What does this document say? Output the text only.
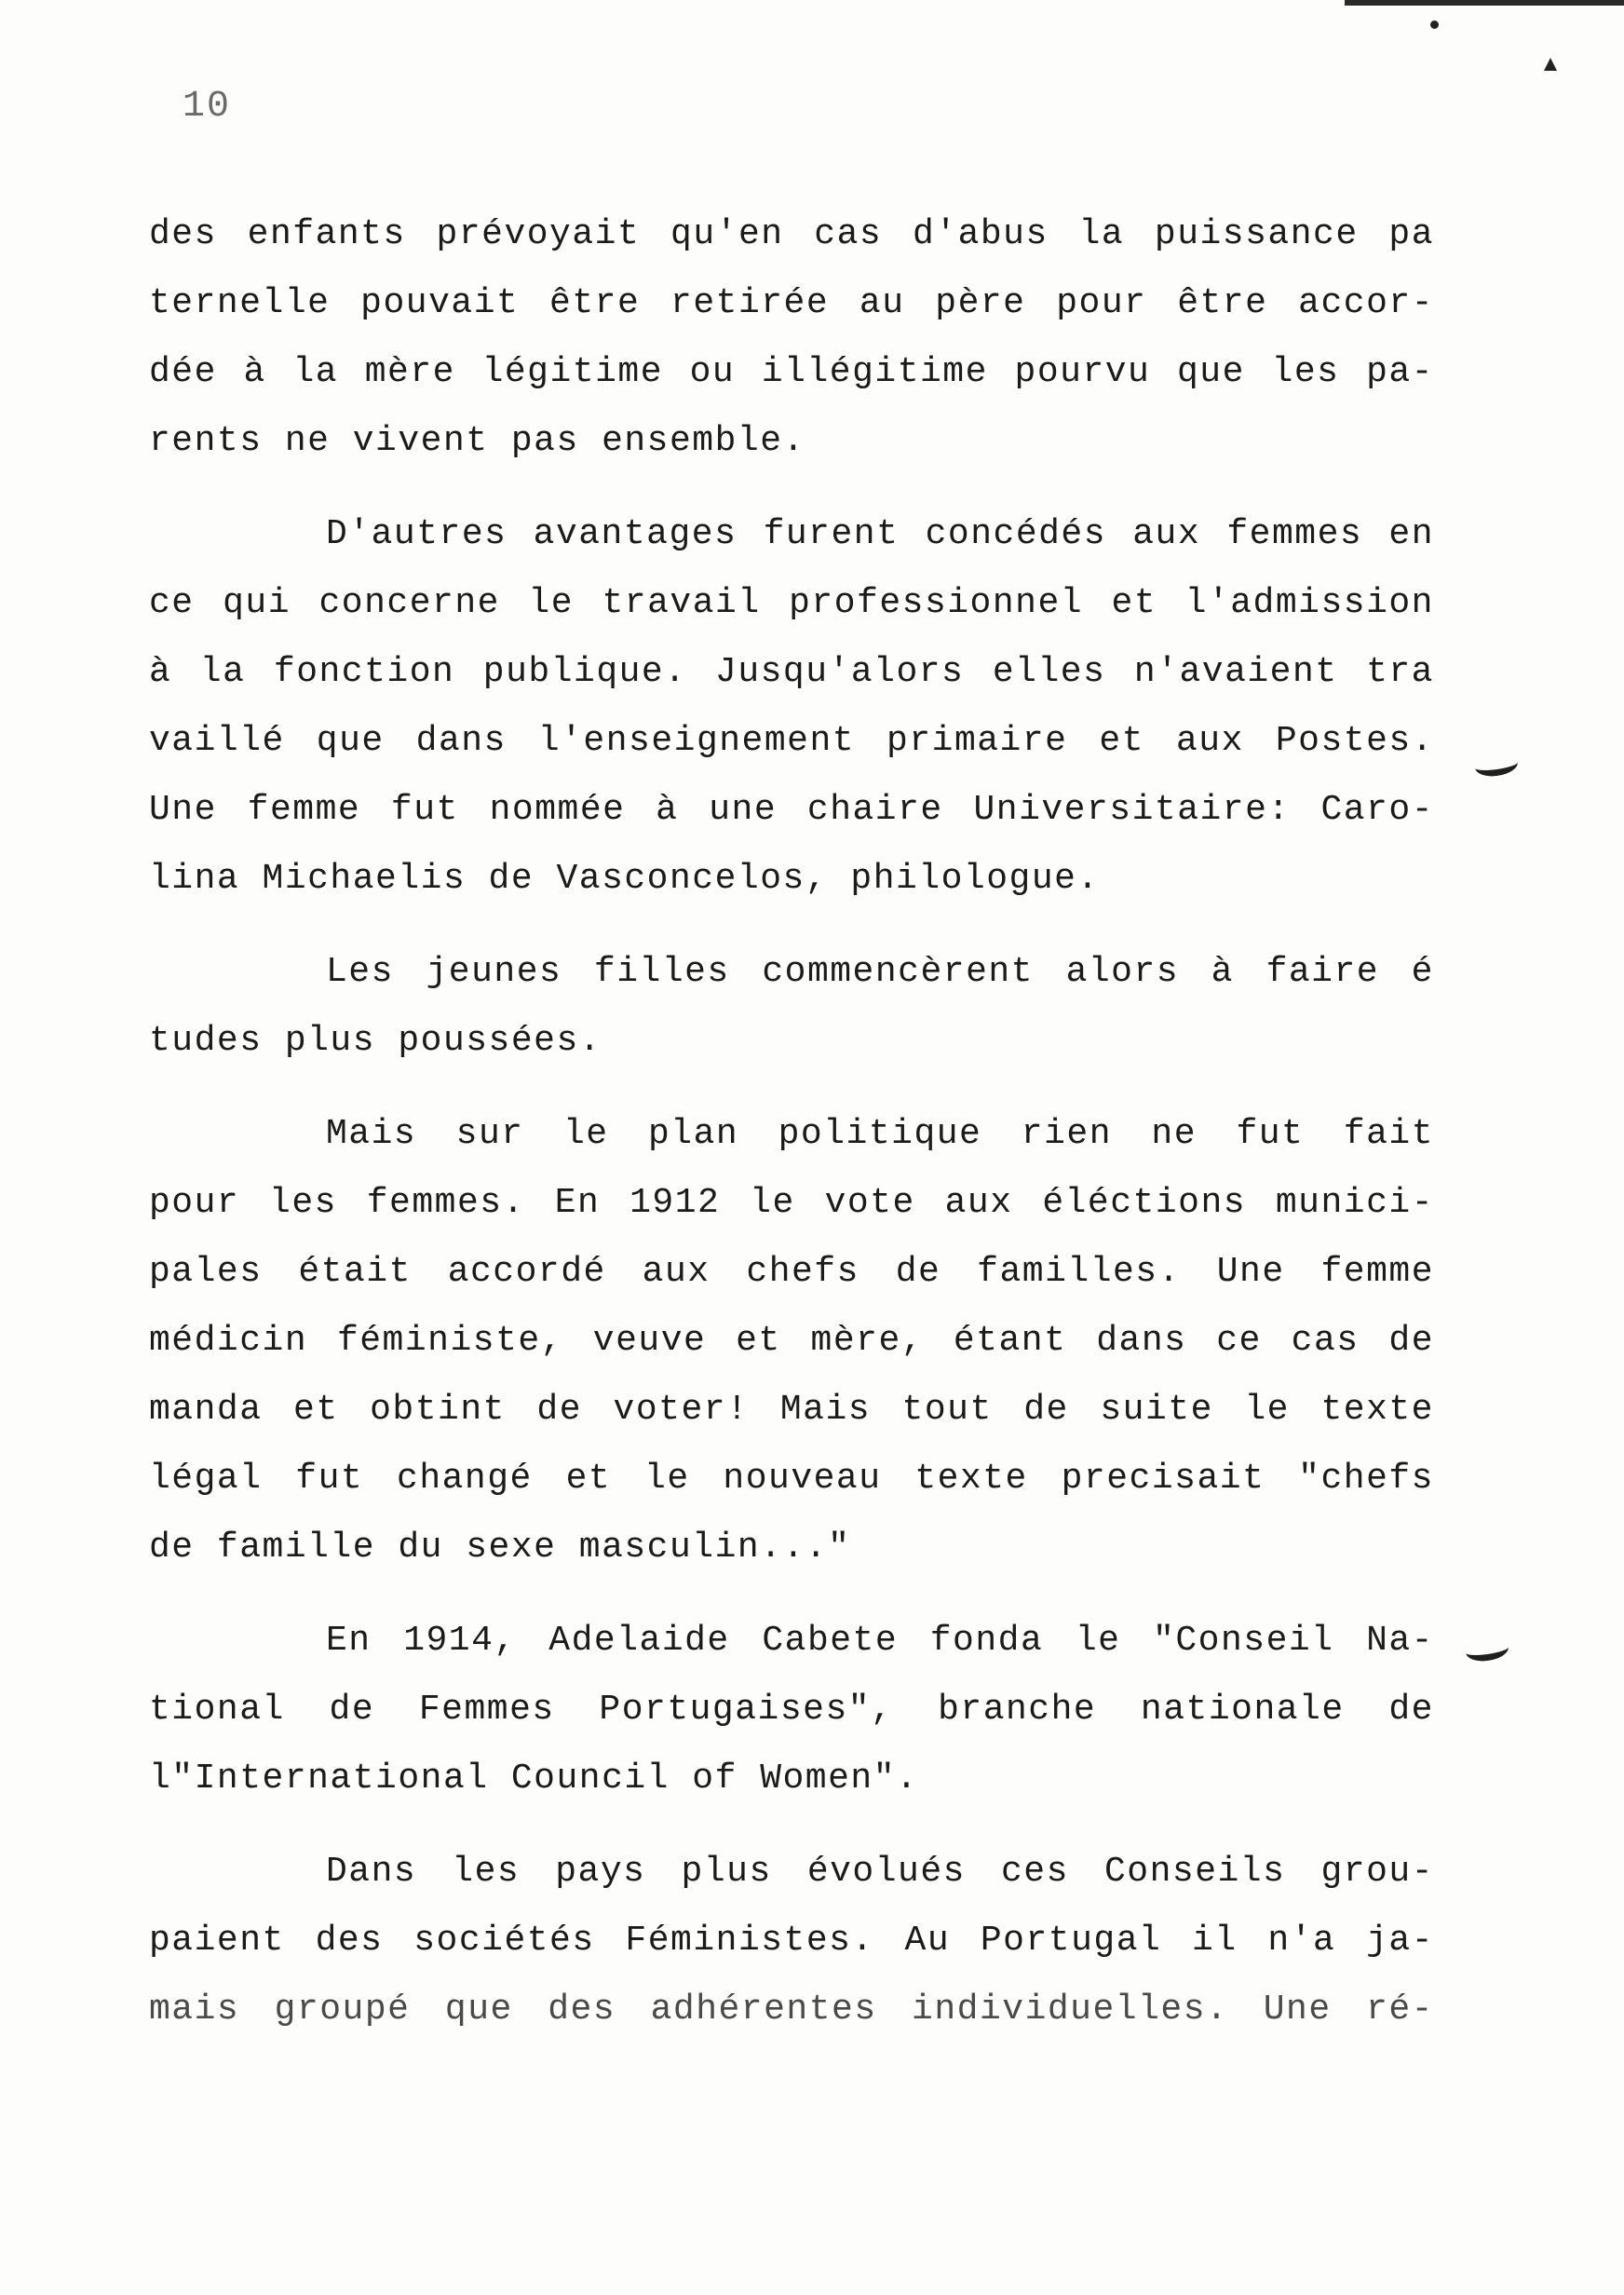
10

des enfants prévoyait qu'en cas d'abus la puissance pa
ternelle pouvait être retirée au père pour être accor-
dée à la mère légitime ou illégitime pourvu que les pa-
rents ne vivent pas ensemble.

D'autres avantages furent concédés aux femmes en
ce qui concerne le travail professionnel et l'admission
à la fonction publique. Jusqu'alors elles n'avaient tra
vaillé que dans l'enseignement primaire et aux Postes.
Une femme fut nommée à une chaire Universitaire: Caro-
lina Michaelis de Vasconcelos, philologue.

Les jeunes filles commencèrent alors à faire é
tudes plus poussées.

Mais sur le plan politique rien ne fut fait
pour les femmes. En 1912 le vote aux éléctions munici-
pales était accordé aux chefs de familles. Une femme
médicin féministe, veuve et mère, étant dans ce cas de
manda et obtint de voter! Mais tout de suite le texte
légal fut changé et le nouveau texte precisait "chefs
de famille du sexe masculin..."

En 1914, Adelaide Cabete fonda le "Conseil Na-
tional de Femmes Portugaises", branche nationale de
l"International Council of Women".

Dans les pays plus évolués ces Conseils grou-
paient des sociétés Féministes. Au Portugal il n'a ja-
mais groupé que des adhérentes individuelles. Une ré-
